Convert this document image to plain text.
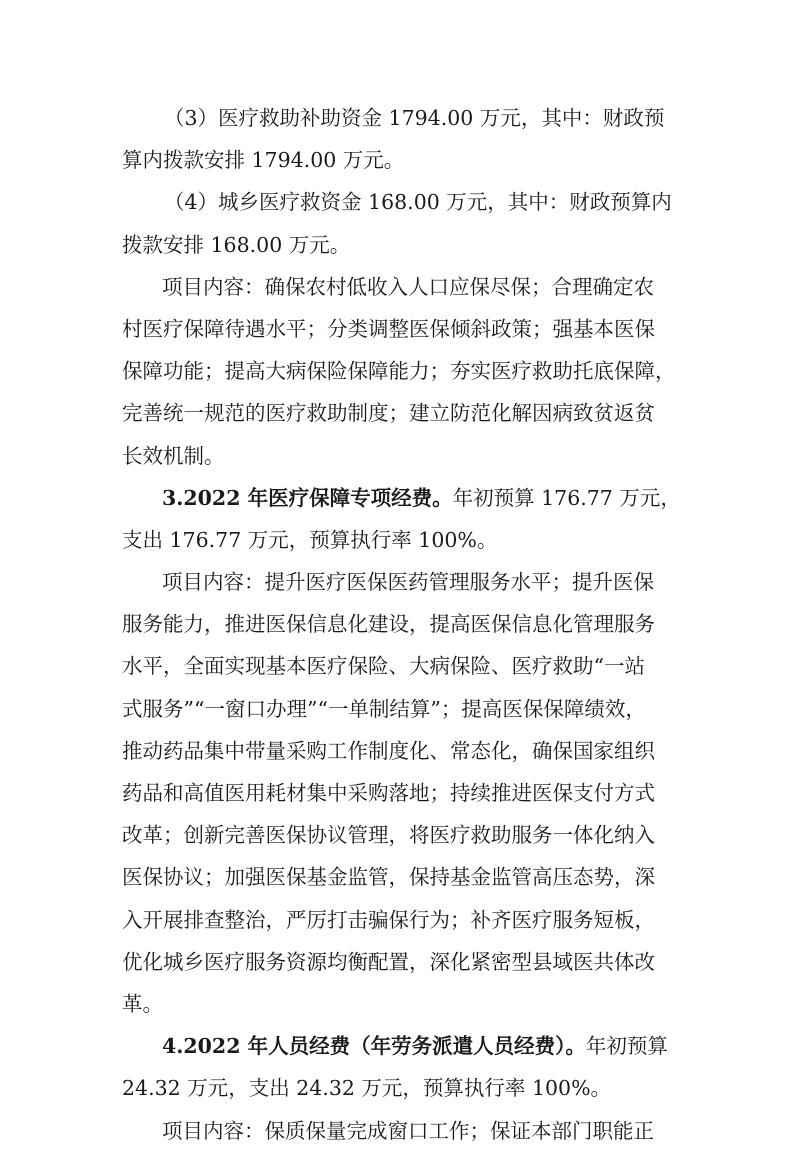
（3）医疗救助补助资金 1794.00 万元，其中：财政预
算内拨款安排 1794.00 万元。
（4）城乡医疗救资金 168.00 万元，其中：财政预算内
拨款安排 168.00 万元。
项目内容：确保农村低收入人口应保尽保；合理确定农
村医疗保障待遇水平；分类调整医保倾斜政策；强基本医保
保障功能；提高大病保险保障能力；夯实医疗救助托底保障，
完善统一规范的医疗救助制度；建立防范化解因病致贫返贫
长效机制。
3.2022 年医疗保障专项经费。年初预算 176.77 万元，
支出 176.77 万元，预算执行率 100%。
项目内容：提升医疗医保医药管理服务水平；提升医保
服务能力，推进医保信息化建设，提高医保信息化管理服务
水平，全面实现基本医疗保险、大病保险、医疗救助“一站
式服务”“一窗口办理”“一单制结算”；提高医保保障绩效，
推动药品集中带量采购工作制度化、常态化，确保国家组织
药品和高值医用耗材集中采购落地；持续推进医保支付方式
改革；创新完善医保协议管理，将医疗救助服务一体化纳入
医保协议；加强医保基金监管，保持基金监管高压态势，深
入开展排查整治，严厉打击骗保行为；补齐医疗服务短板，
优化城乡医疗服务资源均衡配置，深化紧密型县域医共体改
革。
4.2022 年人员经费（年劳务派遣人员经费）。年初预算
24.32 万元，支出 24.32 万元，预算执行率 100%。
项目内容：保质保量完成窗口工作；保证本部门职能正
